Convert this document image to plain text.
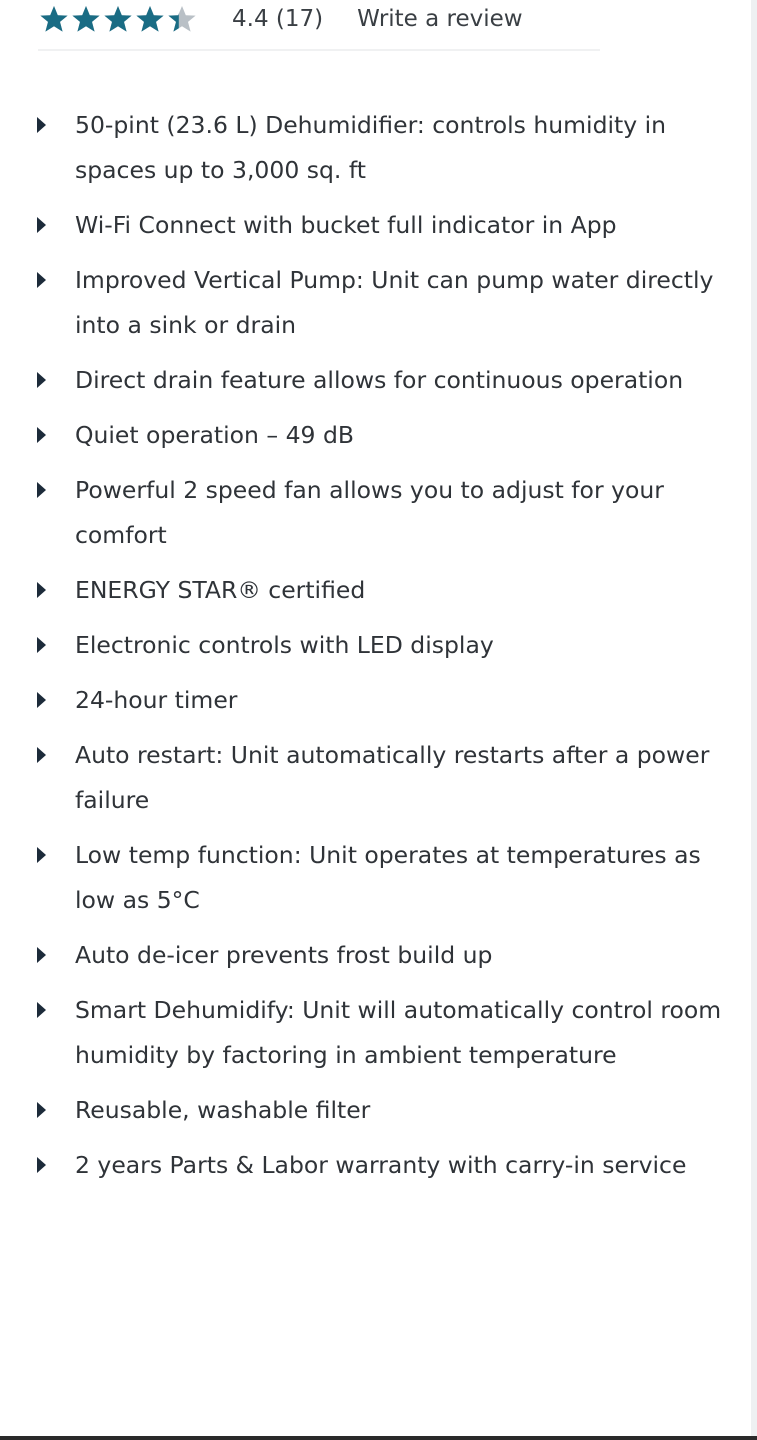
4.4 (17) Write a review
50-pint (23.6 L) Dehumidifier: controls humidity in spaces up to 3,000 sq. ft
Wi-Fi Connect with bucket full indicator in App
Improved Vertical Pump: Unit can pump water directly into a sink or drain
Direct drain feature allows for continuous operation
Quiet operation – 49 dB
Powerful 2 speed fan allows you to adjust for your comfort
ENERGY STAR® certified
Electronic controls with LED display
24-hour timer
Auto restart: Unit automatically restarts after a power failure
Low temp function: Unit operates at temperatures as low as 5°C
Auto de-icer prevents frost build up
Smart Dehumidify: Unit will automatically control room humidity by factoring in ambient temperature
Reusable, washable filter
2 years Parts & Labor warranty with carry-in service
